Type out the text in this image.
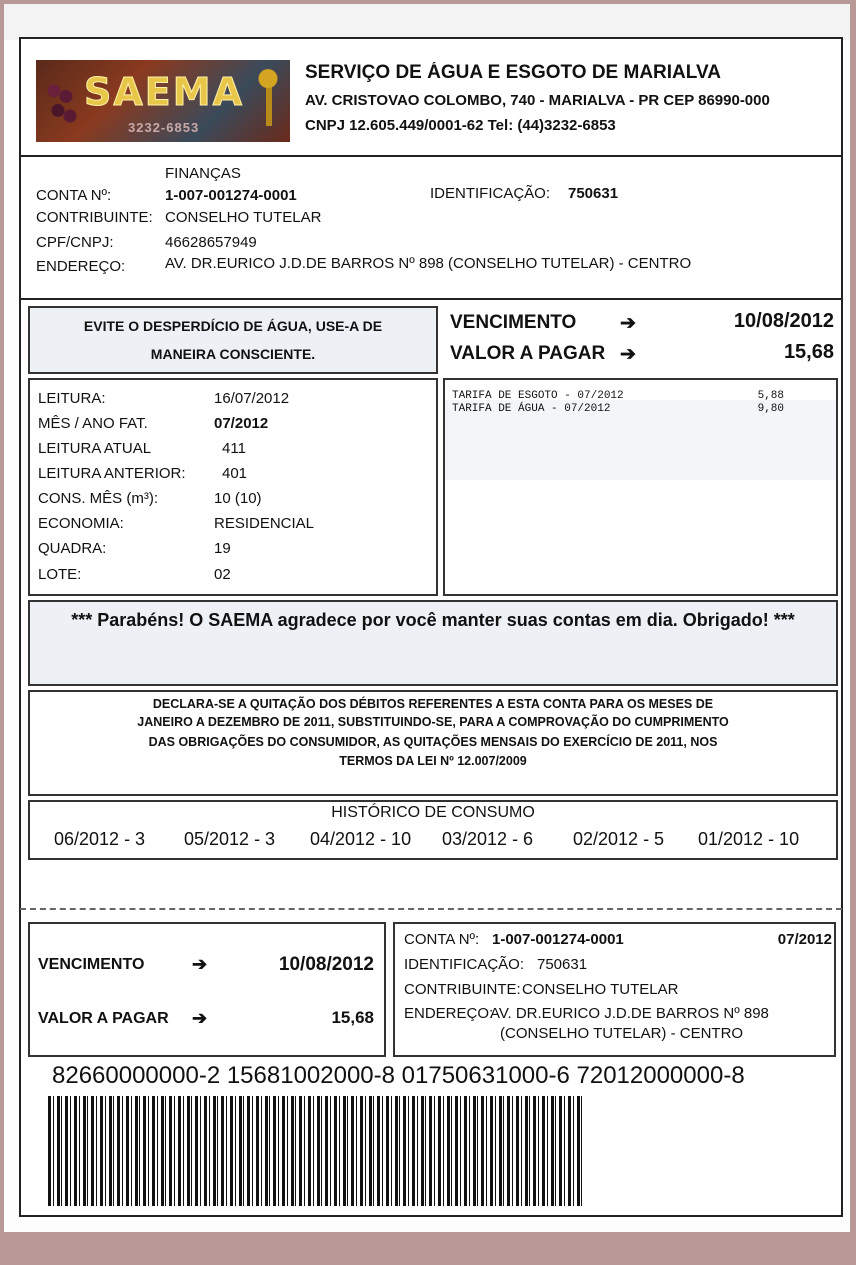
SAEMA
3232-6853
SERVIÇO DE ÁGUA E ESGOTO DE MARIALVA
AV. CRISTOVAO COLOMBO, 740 - MARIALVA - PR CEP 86990-000
CNPJ 12.605.449/0001-62 Tel: (44)3232-6853
FINANÇAS
CONTA Nº:	1-007-001274-0001	IDENTIFICAÇÃO: 750631
CONTRIBUINTE: CONSELHO TUTELAR
CPF/CNPJ:	46628657949
ENDEREÇO:	AV. DR.EURICO J.D.DE BARROS Nº 898 (CONSELHO TUTELAR) - CENTRO
EVITE O DESPERDÍCIO DE ÁGUA, USE-A DE
MANEIRA CONSCIENTE.
VENCIMENTO ➔	10/08/2012
VALOR A PAGAR ➔	15,68
LEITURA:	16/07/2012
MÊS / ANO FAT.	07/2012
LEITURA ATUAL	411
LEITURA ANTERIOR: 401
CONS. MÊS (m³):	10 (10)
ECONOMIA:	RESIDENCIAL
QUADRA:	19
LOTE:	02
TARIFA DE ESGOTO - 07/2012	5,88
TARIFA DE ÁGUA - 07/2012	9,80
*** Parabéns! O SAEMA agradece por você manter suas contas em dia. Obrigado! ***
DECLARA-SE A QUITAÇÃO DOS DÉBITOS REFERENTES A ESTA CONTA PARA OS MESES DE
JANEIRO A DEZEMBRO DE 2011, SUBSTITUINDO-SE, PARA A COMPROVAÇÃO DO CUMPRIMENTO
DAS OBRIGAÇÕES DO CONSUMIDOR, AS QUITAÇÕES MENSAIS DO EXERCÍCIO DE 2011, NOS
TERMOS DA LEI Nº 12.007/2009
HISTÓRICO DE CONSUMO
06/2012 - 3 05/2012 - 3 04/2012 - 10 03/2012 - 6 02/2012 - 5 01/2012 - 10
VENCIMENTO	➔	10/08/2012
VALOR A PAGAR ➔	15,68
CONTA Nº: 1-007-001274-0001	07/2012
IDENTIFICAÇÃO: 750631
CONTRIBUINTE: CONSELHO TUTELAR
ENDEREÇO:
AV. DR.EURICO J.D.DE BARROS Nº 898
(CONSELHO TUTELAR) - CENTRO
82660000000-2 15681002000-8 01750631000-6 72012000000-8
